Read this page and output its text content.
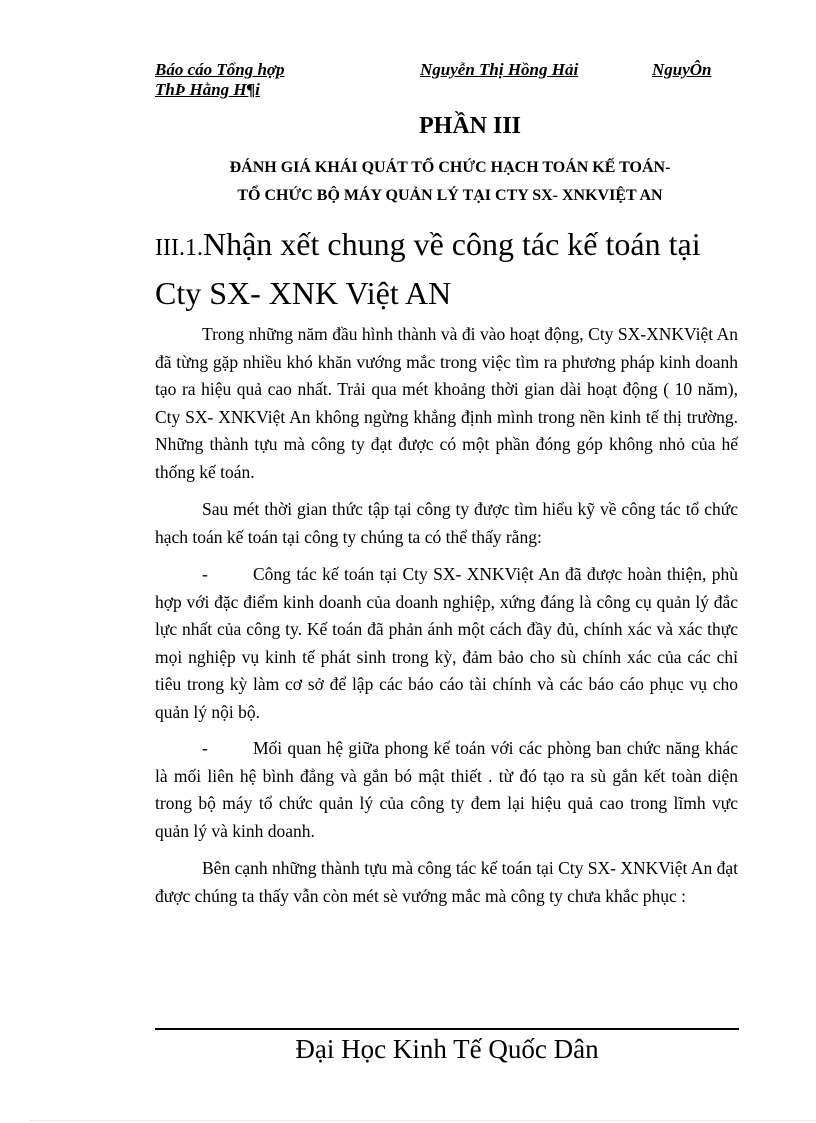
Báo cáo Tổng hợp	Nguyễn Thị Hồng Hải	NguyÔn
ThÞ Hằng H¶i
PHẦN III
ĐÁNH GIÁ KHÁI QUÁT TỔ CHỨC HẠCH TOÁN KẾ TOÁN-
TỔ CHỨC BỘ MÁY QUẢN LÝ TẠI CTY SX- XNKVIỆT AN
III.1.Nhận xết chung về công tác kế toán tại Cty SX- XNK Việt AN

Trong những năm đầu hình thành và đi vào hoạt động, Cty SX-XNKViệt An đã từng gặp nhiều khó khăn vướng mắc trong việc tìm ra phương pháp kinh doanh tạo ra hiệu quả cao nhất. Trải qua mét khoảng thời gian dài hoạt động ( 10 năm), Cty SX- XNKViệt An không ngừng khẳng định mình trong nền kinh tế thị trường. Những thành tựu mà công ty đạt được có một phần đóng góp không nhỏ của hế thống kế toán.

Sau mét thời gian thức tập tại công ty được tìm hiểu kỹ về công tác tổ chức hạch toán kế toán tại công ty chúng ta có thể thấy rằng:

-	Công tác kế toán tại Cty SX- XNKViệt An đã được hoàn thiện, phù hợp với đặc điểm kinh doanh của doanh nghiệp, xứng đáng là công cụ quản lý đắc lực nhất của công ty. Kế toán đã phản ánh một cách đầy đủ, chính xác và xác thực mọi nghiệp vụ kinh tế phát sinh trong kỳ, đảm bảo cho sù chính xác của các chỉ tiêu trong kỳ làm cơ sở để lập các báo cáo tài chính và các báo cáo phục vụ cho quản lý nội bộ.

-	Mối quan hệ giữa phong kế toán với các phòng ban chức năng khác là mối liên hệ bình đẳng và gắn bó mật thiết . từ đó tạo ra sù gắn kết toàn diện trong bộ máy tổ chức quản lý của công ty đem lại hiệu quả cao trong lĩmh vực quản lý và kinh doanh.

Bên cạnh những thành tựu mà công tác kế toán tại Cty SX- XNKViệt An đạt được chúng ta thấy vẫn còn mét sè vướng mắc mà công ty chưa khắc phục :

Đại Học Kinh Tế Quốc Dân
